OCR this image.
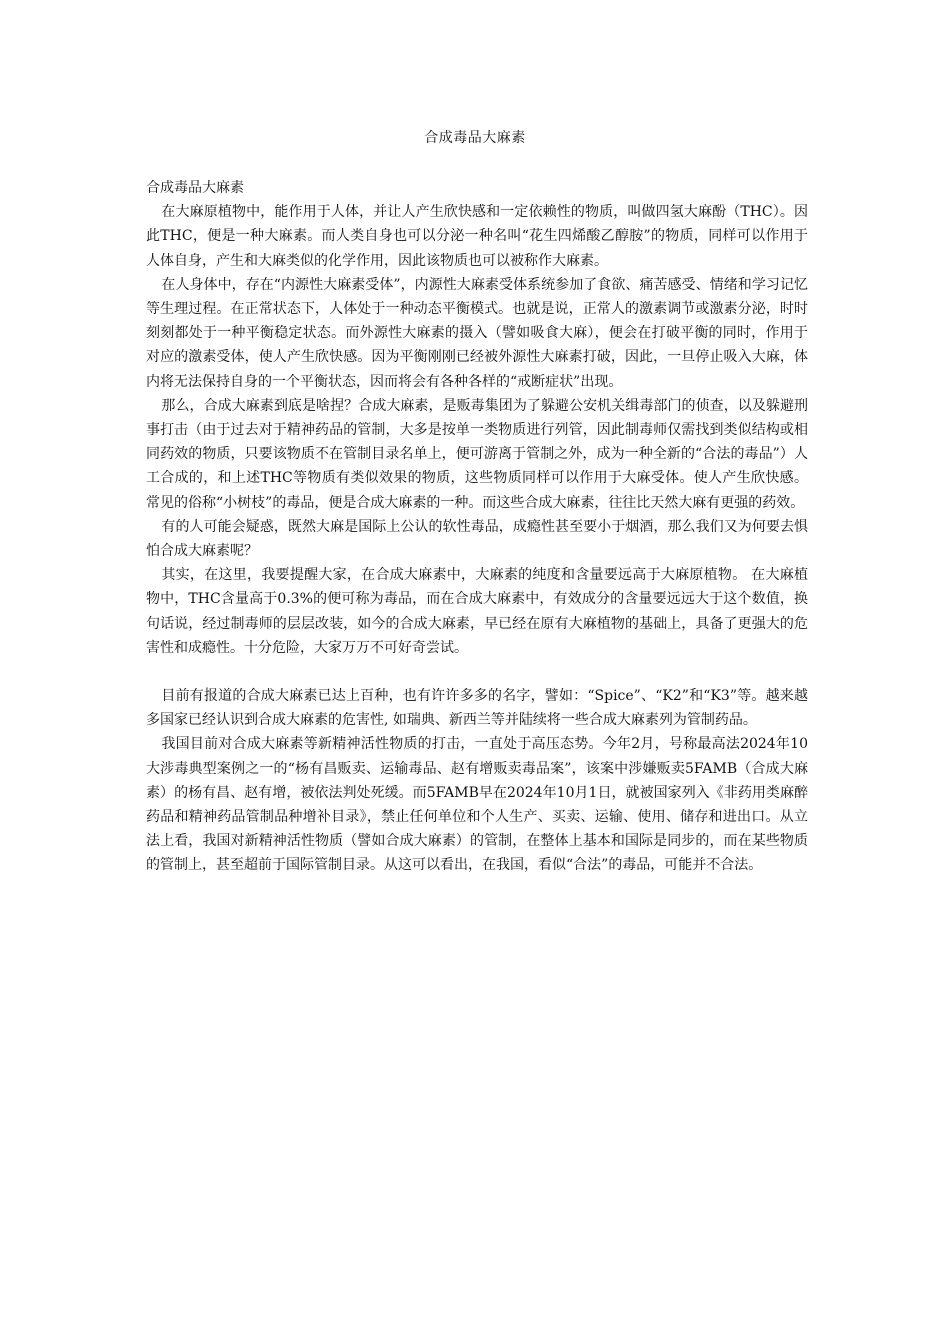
合成毒品大麻素

合成毒品大麻素

在大麻原植物中，能作用于人体，并让人产生欣快感和一定依赖性的物质，叫做四氢大麻酚（THC）。因此THC，便是一种大麻素。而人类自身也可以分泌一种名叫“花生四烯酸乙醇胺”的物质，同样可以作用于人体自身，产生和大麻类似的化学作用，因此该物质也可以被称作大麻素。

在人身体中，存在“内源性大麻素受体”，内源性大麻素受体系统参加了食欲、痛苦感受、情绪和学习记忆等生理过程。在正常状态下，人体处于一种动态平衡模式。也就是说，正常人的激素调节或激素分泌，时时刻刻都处于一种平衡稳定状态。而外源性大麻素的摄入（譬如吸食大麻），便会在打破平衡的同时，作用于对应的激素受体，使人产生欣快感。因为平衡刚刚已经被外源性大麻素打破，因此，一旦停止吸入大麻，体内将无法保持自身的一个平衡状态，因而将会有各种各样的“戒断症状”出现。

那么，合成大麻素到底是啥捏？合成大麻素，是贩毒集团为了躲避公安机关缉毒部门的侦查，以及躲避刑事打击（由于过去对于精神药品的管制，大多是按单一类物质进行列管，因此制毒师仅需找到类似结构或相同药效的物质，只要该物质不在管制目录名单上，便可游离于管制之外，成为一种全新的“合法的毒品”）人工合成的，和上述THC等物质有类似效果的物质，这些物质同样可以作用于大麻受体。使人产生欣快感。常见的俗称“小树枝”的毒品，便是合成大麻素的一种。而这些合成大麻素，往往比天然大麻有更强的药效。

有的人可能会疑惑，既然大麻是国际上公认的软性毒品，成瘾性甚至要小于烟酒，那么我们又为何要去惧怕合成大麻素呢？

其实，在这里，我要提醒大家，在合成大麻素中，大麻素的纯度和含量要远高于大麻原植物。 在大麻植物中，THC含量高于0.3%的便可称为毒品，而在合成大麻素中，有效成分的含量要远远大于这个数值，换句话说，经过制毒师的层层改装，如今的合成大麻素，早已经在原有大麻植物的基础上，具备了更强大的危害性和成瘾性。十分危险，大家万万不可好奇尝试。

目前有报道的合成大麻素已达上百种，也有许许多多的名字，譬如：“Spice”、“K2”和“K3”等。越来越多国家已经认识到合成大麻素的危害性, 如瑞典、新西兰等并陆续将一些合成大麻素列为管制药品。

我国目前对合成大麻素等新精神活性物质的打击，一直处于高压态势。今年2月，号称最高法2024年10大涉毒典型案例之一的“杨有昌贩卖、运输毒品、赵有增贩卖毒品案”，该案中涉嫌贩卖5FAMB（合成大麻素）的杨有昌、赵有增，被依法判处死缓。而5FAMB早在2024年10月1日，就被国家列入《非药用类麻醉药品和精神药品管制品种增补目录》，禁止任何单位和个人生产、买卖、运输、使用、储存和进出口。从立法上看，我国对新精神活性物质（譬如合成大麻素）的管制，在整体上基本和国际是同步的，而在某些物质的管制上，甚至超前于国际管制目录。从这可以看出，在我国，看似“合法”的毒品，可能并不合法。
